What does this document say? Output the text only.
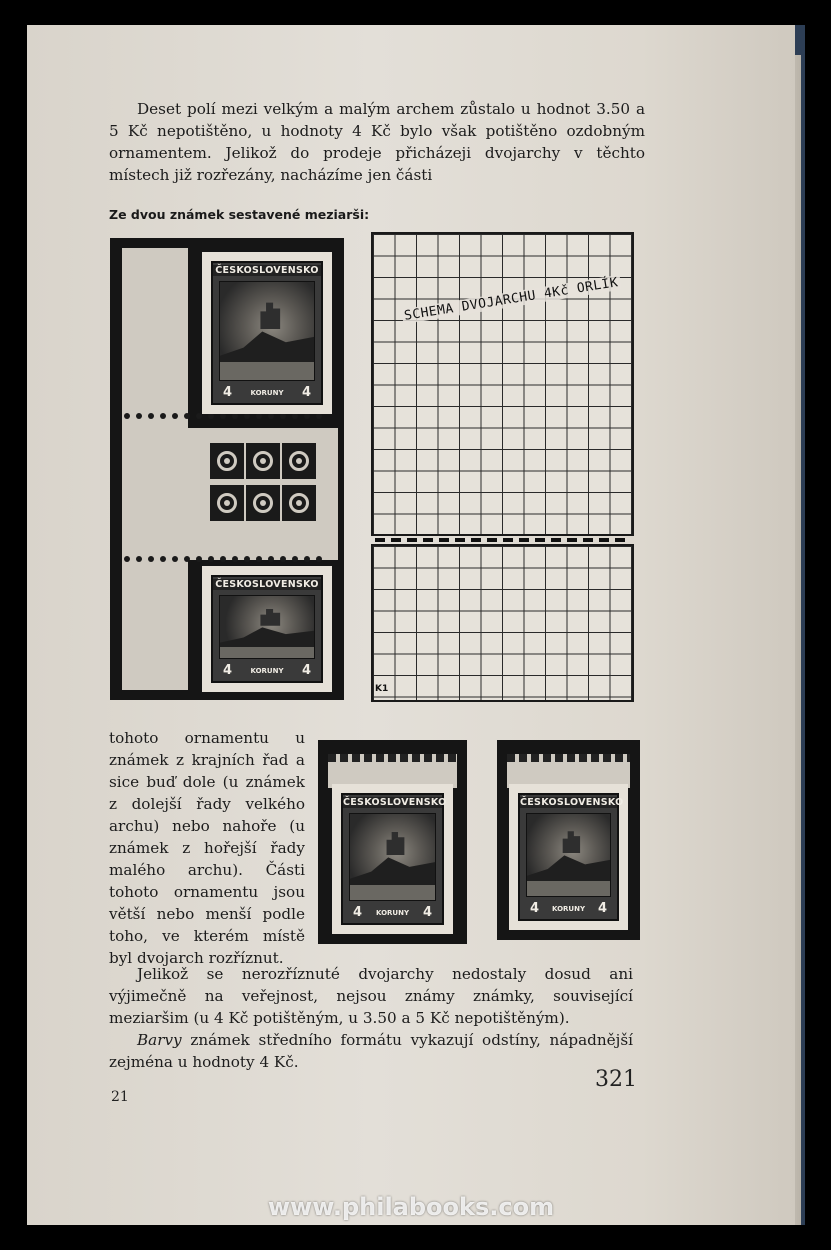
Deset polí mezi velkým a malým archem zůstalo u hodnot 3.50 a 5 Kč nepotištěno, u hodnoty 4 Kč bylo však potištěno ozdobným ornamentem. Jelikož do prodeje přicházeji dvojarchy v těchto místech již rozřezány, nacházíme jen části

Ze dvou známek sestavené meziarši:
ČESKOSLOVENSKO
4	KORUNY 4
ČESKOSLOVENSKO
4	KORUNY 4
SCHEMA DVOJARCHU 4Kč ORLÍK
K1

tohoto ornamentu u známek z krajních řad a sice buď dole (u známek z dolejší řady velkého archu) nebo nahoře (u známek z hořejší řady malého archu). Části tohoto ornamentu jsou větší nebo menší podle toho, ve kterém místě byl dvojarch rozříznut.

ČESKOSLOVENSKO
4 KORUNY 4
ČESKOSLOVENSKO
4 KORUNY 4

Jelikož se nerozříznuté dvojarchy nedostaly dosud ani výjimečně na veřejnost, nejsou známy známky, související meziaršim (u 4 Kč potištěným, u 3.50 a 5 Kč nepotištěným).

Barvy známek středního formátu vykazují odstíny, nápadnější zejména u hodnoty 4 Kč.

21
321
www.philabooks.com
